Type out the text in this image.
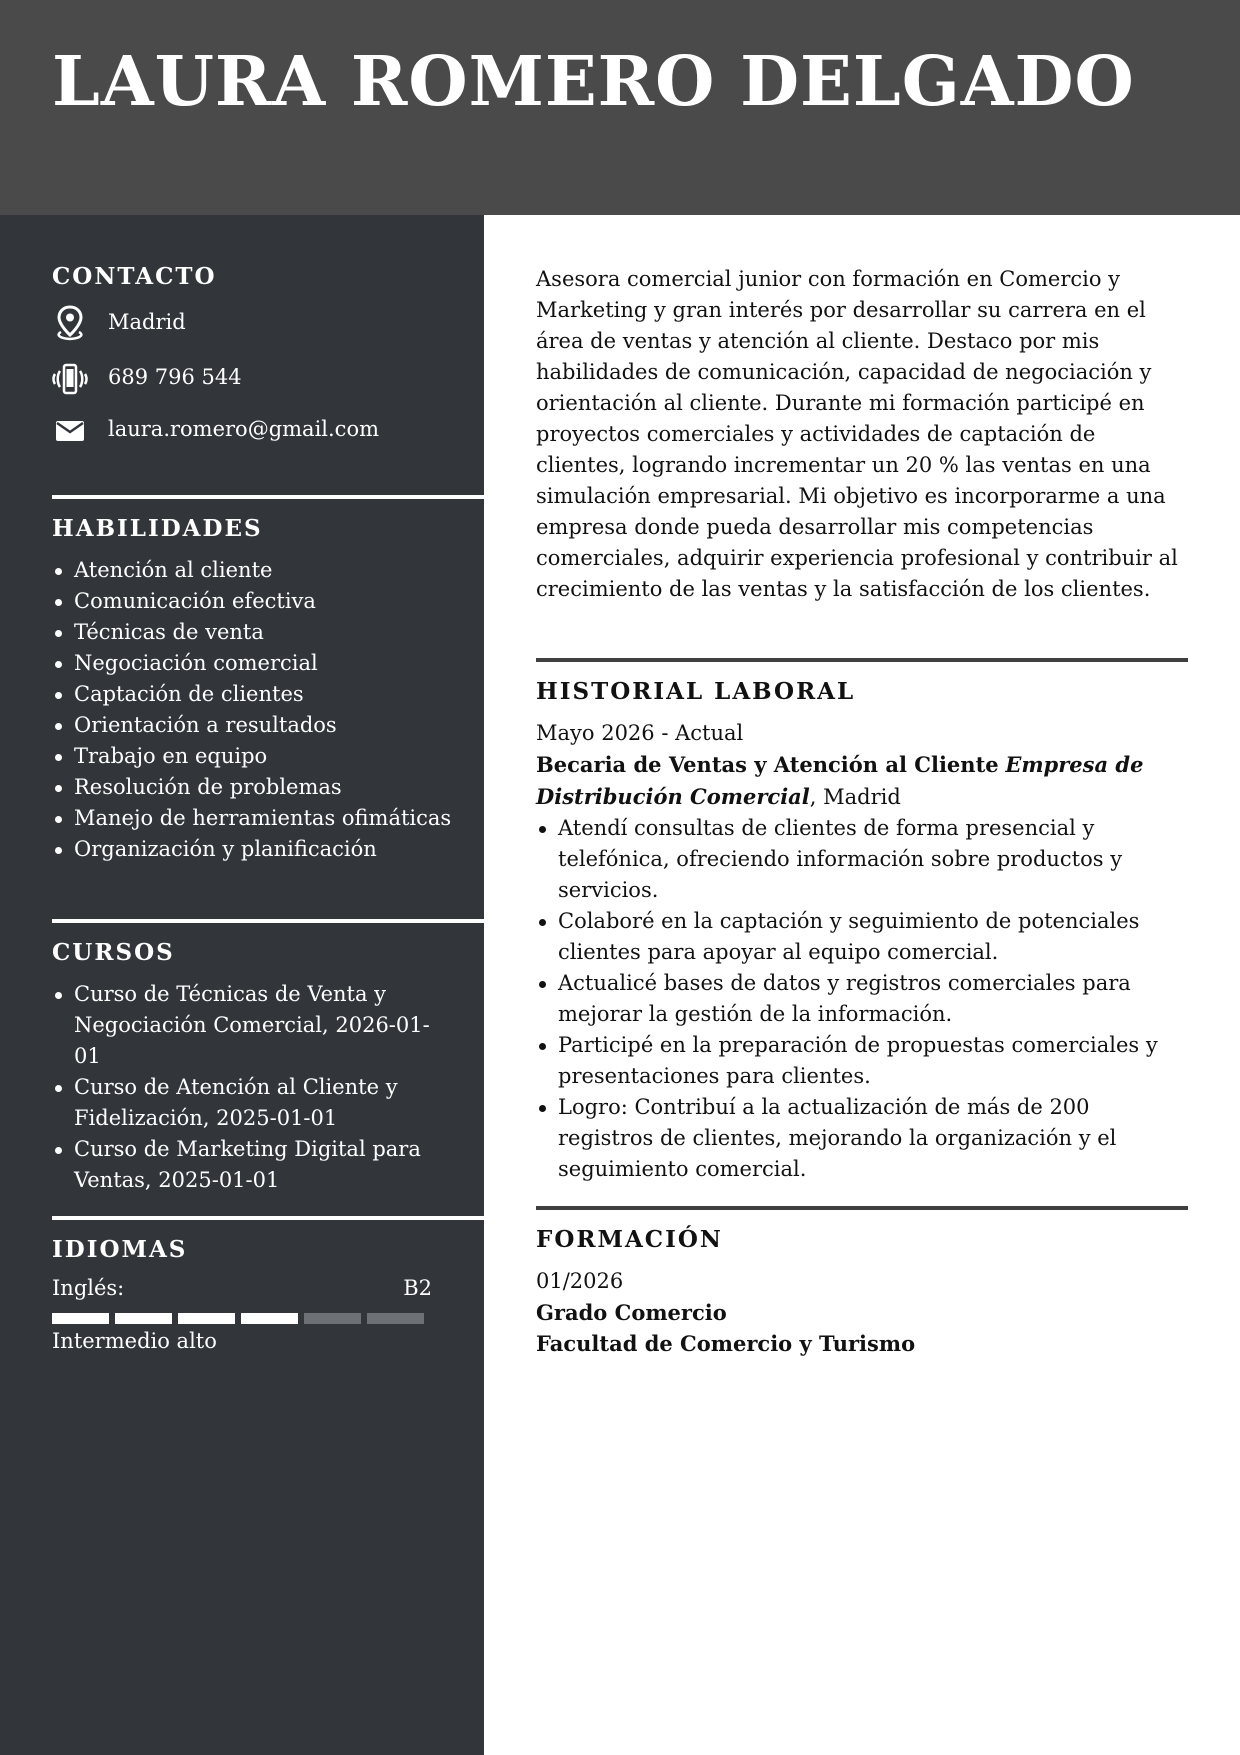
LAURA ROMERO DELGADO
CONTACTO
Madrid
689 796 544
laura.romero@gmail.com
HABILIDADES
Atención al cliente
Comunicación efectiva
Técnicas de venta
Negociación comercial
Captación de clientes
Orientación a resultados
Trabajo en equipo
Resolución de problemas
Manejo de herramientas ofimáticas
Organización y planificación
CURSOS
Curso de Técnicas de Venta y Negociación Comercial, 2026-01-01
Curso de Atención al Cliente y Fidelización, 2025-01-01
Curso de Marketing Digital para Ventas, 2025-01-01
IDIOMAS
Inglés:	B2
Intermedio alto

Asesora comercial junior con formación en Comercio y Marketing y gran interés por desarrollar su carrera en el área de ventas y atención al cliente. Destaco por mis habilidades de comunicación, capacidad de negociación y orientación al cliente. Durante mi formación participé en proyectos comerciales y actividades de captación de clientes, logrando incrementar un 20 % las ventas en una simulación empresarial. Mi objetivo es incorporarme a una empresa donde pueda desarrollar mis competencias comerciales, adquirir experiencia profesional y contribuir al crecimiento de las ventas y la satisfacción de los clientes.

HISTORIAL LABORAL
Mayo 2026 - Actual
Becaria de Ventas y Atención al Cliente Empresa de Distribución Comercial, Madrid
Atendí consultas de clientes de forma presencial y telefónica, ofreciendo información sobre productos y servicios.
Colaboré en la captación y seguimiento de potenciales clientes para apoyar al equipo comercial.
Actualicé bases de datos y registros comerciales para mejorar la gestión de la información.
Participé en la preparación de propuestas comerciales y presentaciones para clientes.
Logro: Contribuí a la actualización de más de 200 registros de clientes, mejorando la organización y el seguimiento comercial.
FORMACIÓN
01/2026
Grado Comercio
Facultad de Comercio y Turismo
